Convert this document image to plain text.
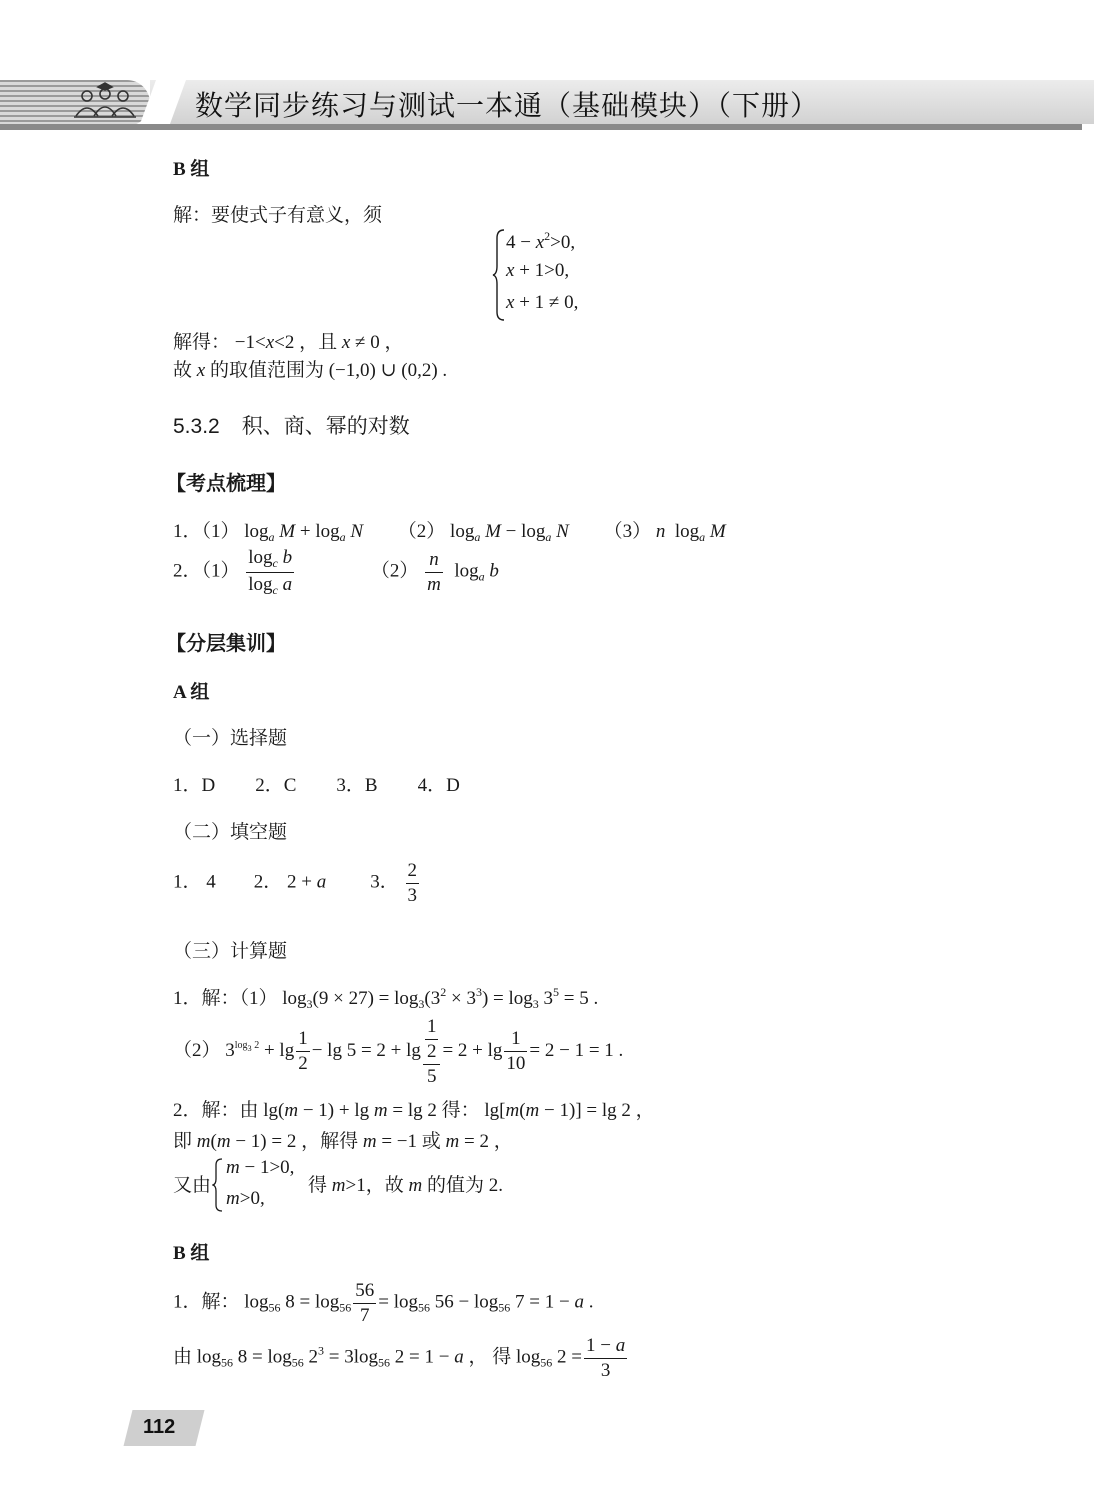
数学同步练习与测试一本通（基础模块）（下册）
B 组
解：要使式子有意义，须
$4 - x^2>0$,
x + 1>0,
x + 1 ≠ 0,
解得： −1<x<2 ，且 x ≠ 0 ，
故 x 的取值范围为 (−1,0) ∪ (0,2) .
5.3.2 积、商、幂的对数
【考点梳理】
1．（1） $\log_a M + \log_a N$ （2） $\log_a M - \log_a N$ （3） n  $\log_a M$
2．$(1) \frac{\log_c b}{\log_c a}$	$(2) \frac{n}{m} \log_a b$
【分层集训】
A 组
（一）选择题
1．D 2．C 3．B 4．D
（二）填空题
1． 4 2． 2 + a 3． $\frac{2}{3}$
（三）计算题
1．解：（1） $\log_3(9 \times 27) = \log_3(3^2 \times 3^3) = \log_3 3^5 = 5$ .
（2） $3^{log_3 2} + \lg \frac{1}{2} - \lg 5 = 2 + \lg \frac{\frac{1}{2}}{5} = 2 + \lg \frac{1}{10} = 2 - 1 = 1$ .
2．解：由 lg(m − 1) + lg m = lg 2 得： lg[m(m − 1)] = lg 2 ，
即 m(m − 1) = 2 ，解得 m = −1 或 m = 2 ，
又由
m − 1>0,
m>0,
得 m>1，故 m 的值为 2.
B 组
1．解： $\log_{56} 8 = \log_{56} \frac{56}{7} = \log_{56} 56 - \log_{56} 7 = 1 - a$ .
由 $\log_{56} 8 = \log_{56} 2^3 = 3\log_{56}$ 2 = 1 − a ， 得 $\log_{56} 2 = \frac{1 - a}{3}$
112
